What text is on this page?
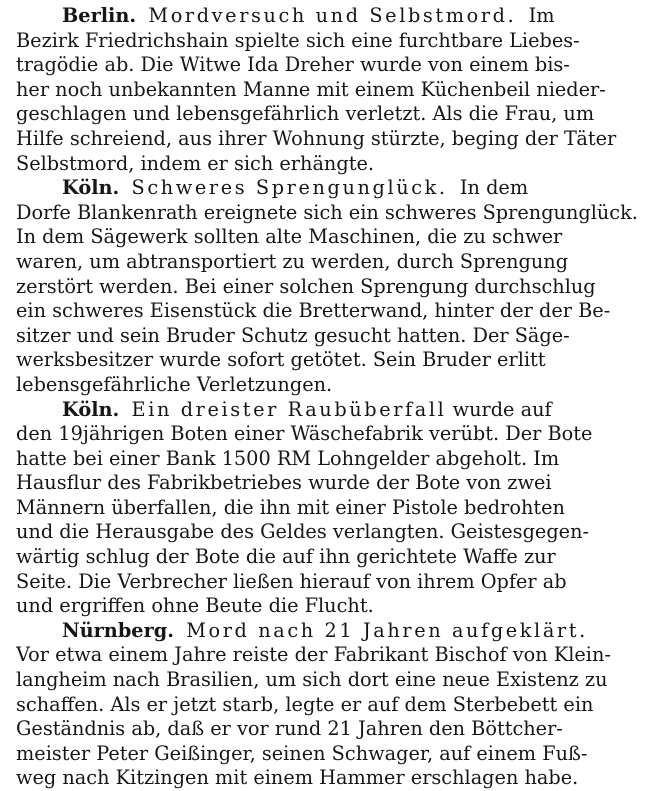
Berlin. Mordversuch und Selbstmord. Im
Bezirk Friedrichshain spielte sich eine furchtbare Liebes-
tragödie ab. Die Witwe Ida Dreher wurde von einem bis-
her noch unbekannten Manne mit einem Küchenbeil nieder-
geschlagen und lebensgefährlich verletzt. Als die Frau, um
Hilfe schreiend, aus ihrer Wohnung stürzte, beging der Täter
Selbstmord, indem er sich erhängte.
Köln. Schweres Sprengunglück. In dem
Dorfe Blankenrath ereignete sich ein schweres Sprengunglück.
In dem Sägewerk sollten alte Maschinen, die zu schwer
waren, um abtransportiert zu werden, durch Sprengung
zerstört werden. Bei einer solchen Sprengung durchschlug
ein schweres Eisenstück die Bretterwand, hinter der der Be-
sitzer und sein Bruder Schutz gesucht hatten. Der Säge-
werksbesitzer wurde sofort getötet. Sein Bruder erlitt
lebensgefährliche Verletzungen.
Köln. Ein dreister Raubüberfall wurde auf
den 19jährigen Boten einer Wäschefabrik verübt. Der Bote
hatte bei einer Bank 1500 RM Lohngelder abgeholt. Im
Hausflur des Fabrikbetriebes wurde der Bote von zwei
Männern überfallen, die ihn mit einer Pistole bedrohten
und die Herausgabe des Geldes verlangten. Geistesgegen-
wärtig schlug der Bote die auf ihn gerichtete Waffe zur
Seite. Die Verbrecher ließen hierauf von ihrem Opfer ab
und ergriffen ohne Beute die Flucht.
Nürnberg. Mord nach 21 Jahren aufgeklärt.
Vor etwa einem Jahre reiste der Fabrikant Bischof von Klein-
langheim nach Brasilien, um sich dort eine neue Existenz zu
schaffen. Als er jetzt starb, legte er auf dem Sterbebett ein
Geständnis ab, daß er vor rund 21 Jahren den Böttcher-
meister Peter Geißinger, seinen Schwager, auf einem Fuß-
weg nach Kitzingen mit einem Hammer erschlagen habe.
